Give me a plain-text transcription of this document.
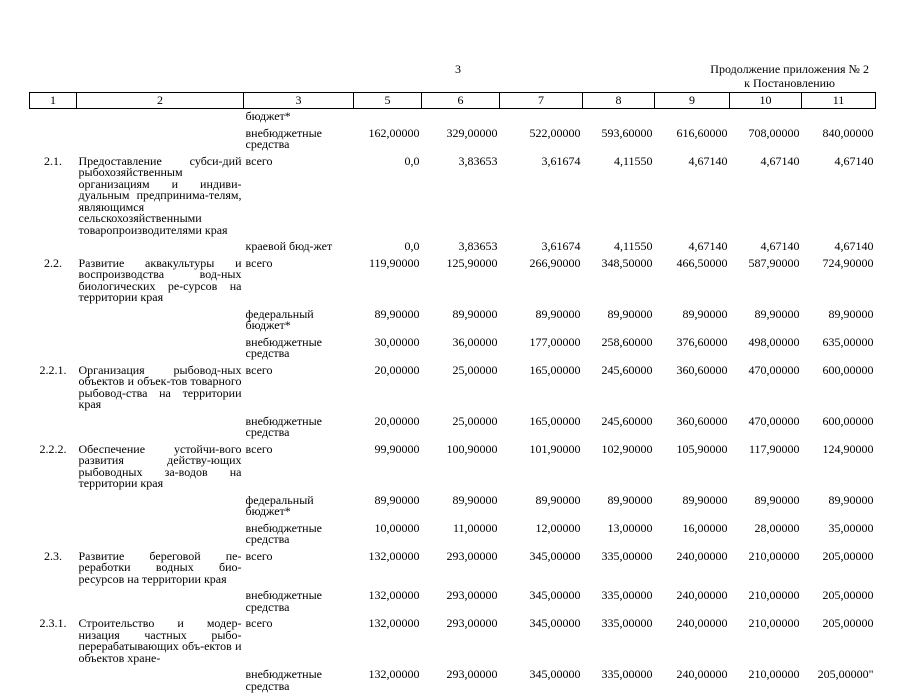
3	Продолжение приложения № 2
к Постановлению
1	2	3	5	6	7	8	9	10	11
		бюджет*							
		внебюджетные средства	162,00000	329,00000	522,00000	593,60000	616,60000	708,00000	840,00000
2.1.	Предоставление субси-дий рыбохозяйственным организациям и индиви-дуальным предпринима-телям, являющимся сельскохозяйственными товаропроизводителями края	всего	0,0	3,83653	3,61674	4,11550	4,67140	4,67140	4,67140
		краевой бюд-жет	0,0	3,83653	3,61674	4,11550	4,67140	4,67140	4,67140
2.2.	Развитие аквакультуры и воспроизводства вод-ных биологических ре-сурсов на территории края	всего	119,90000	125,90000	266,90000	348,50000	466,50000	587,90000	724,90000
		федеральный бюджет*	89,90000	89,90000	89,90000	89,90000	89,90000	89,90000	89,90000
		внебюджетные средства	30,00000	36,00000	177,00000	258,60000	376,60000	498,00000	635,00000
2.2.1.	Организация рыбовод-ных объектов и объек-тов товарного рыбовод-ства на территории края	всего	20,00000	25,00000	165,00000	245,60000	360,60000	470,00000	600,00000
		внебюджетные средства	20,00000	25,00000	165,00000	245,60000	360,60000	470,00000	600,00000
2.2.2.	Обеспечение устойчи-вого развития действу-ющих рыбоводных за-водов на территории края	всего	99,90000	100,90000	101,90000	102,90000	105,90000	117,90000	124,90000
		федеральный бюджет*	89,90000	89,90000	89,90000	89,90000	89,90000	89,90000	89,90000
		внебюджетные средства	10,00000	11,00000	12,00000	13,00000	16,00000	28,00000	35,00000
2.3.	Развитие береговой пе-реработки водных био-ресурсов на территории края	всего	132,00000	293,00000	345,00000	335,00000	240,00000	210,00000	205,00000
		внебюджетные средства	132,00000	293,00000	345,00000	335,00000	240,00000	210,00000	205,00000
2.3.1.	Строительство и модер-низация частных рыбо-перерабатывающих объ-ектов и объектов хране-	всего	132,00000	293,00000	345,00000	335,00000	240,00000	210,00000	205,00000
		внебюджетные средства	132,00000	293,00000	345,00000	335,00000	240,00000	210,00000	205,00000"
